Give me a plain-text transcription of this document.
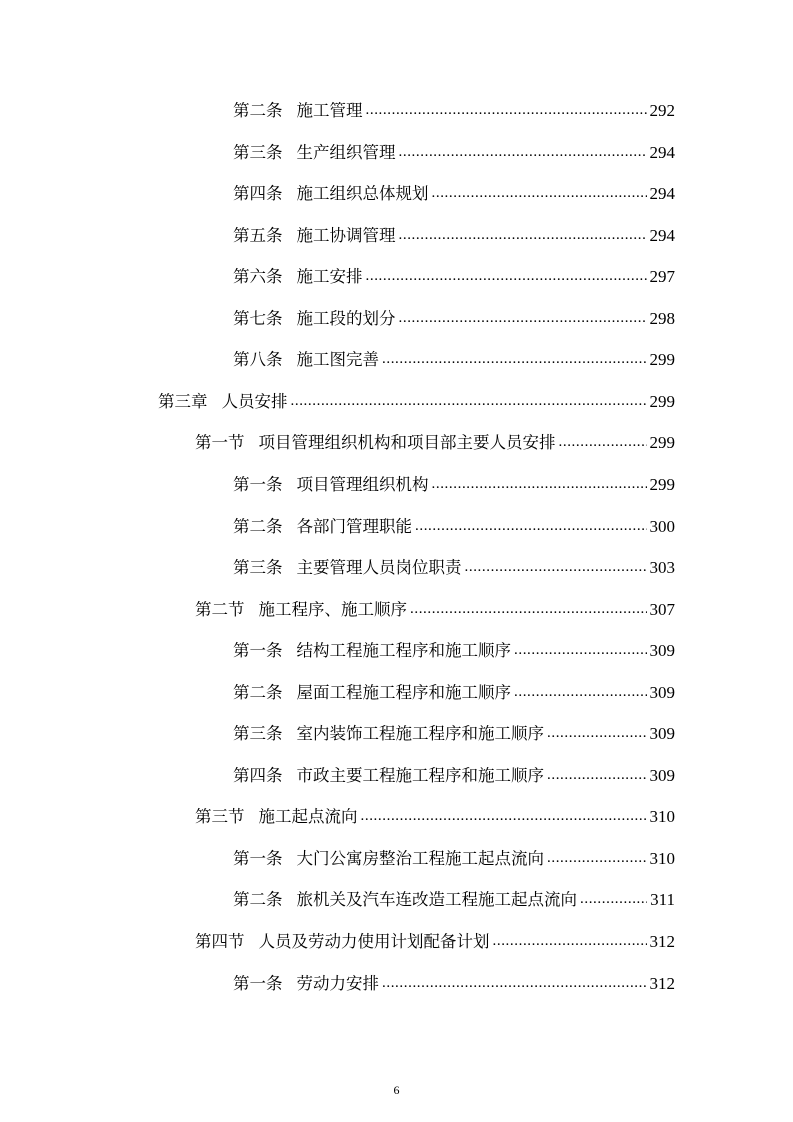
第二条 施工管理 .....	292
第三条 生产组织管理 .....	294
第四条 施工组织总体规划 .....	294
第五条 施工协调管理 .....	294
第六条 施工安排 .....	297
第七条 施工段的划分 .....	298
第八条 施工图完善 .....	299
第三章 人员安排 .....	299
第一节 项目管理组织机构和项目部主要人员安排 .....	299
第一条 项目管理组织机构 .....	299
第二条 各部门管理职能 .....	300
第三条 主要管理人员岗位职责 .....	303
第二节 施工程序、施工顺序 .....	307
第一条 结构工程施工程序和施工顺序 .....	309
第二条 屋面工程施工程序和施工顺序 .....	309
第三条 室内装饰工程施工程序和施工顺序 .....	309
第四条 市政主要工程施工程序和施工顺序 .....	309
第三节 施工起点流向 .....	310
第一条 大门公寓房整治工程施工起点流向 .....	310
第二条 旅机关及汽车连改造工程施工起点流向 .....	311
第四节 人员及劳动力使用计划配备计划 .....	312
第一条 劳动力安排 .....	312
6
